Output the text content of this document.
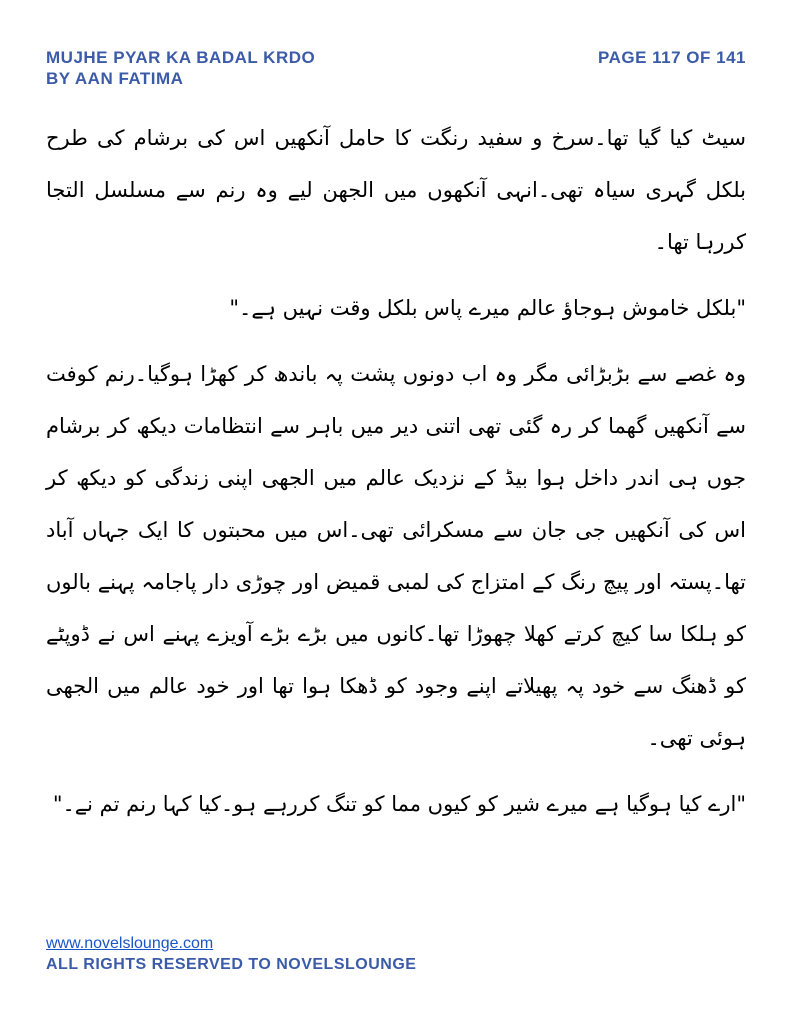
MUJHE PYAR KA BADAL KRDO	PAGE 117 OF 141
BY AAN FATIMA

سیٹ کیا گیا تھا۔سرخ و سفید رنگت کا حامل آنکھیں اس کی برشام کی طرح بلکل گہری سیاہ تھی۔انہی آنکھوں میں الجھن لیے وہ رنم سے مسلسل التجا کررہا تھا۔

"بلکل خاموش ہوجاؤ عالم میرے پاس بلکل وقت نہیں ہے۔"

وہ غصے سے بڑبڑائی مگر وہ اب دونوں پشت پہ باندھ کر کھڑا ہوگیا۔رنم کوفت سے آنکھیں گھما کر رہ گئی تھی اتنی دیر میں باہر سے انتظامات دیکھ کر برشام جوں ہی اندر داخل ہوا بیڈ کے نزدیک عالم میں الجھی اپنی زندگی کو دیکھ کر اس کی آنکھیں جی جان سے مسکرائی تھی۔اس میں محبتوں کا ایک جہاں آباد تھا۔پستہ اور پیچ رنگ کے امتزاج کی لمبی قمیض اور چوڑی دار پاجامہ پہنے بالوں کو ہلکا سا کیچ کرتے کھلا چھوڑا تھا۔کانوں میں بڑے بڑے آویزے پہنے اس نے ڈوپٹے کو ڈھنگ سے خود پہ پھیلاتے اپنے وجود کو ڈھکا ہوا تھا اور خود عالم میں الجھی ہوئی تھی۔

"ارے کیا ہوگیا ہے میرے شیر کو کیوں مما کو تنگ کررہے ہو۔کیا کہا رنم تم نے۔"

www.novelslounge.com
ALL RIGHTS RESERVED TO NOVELSLOUNGE
